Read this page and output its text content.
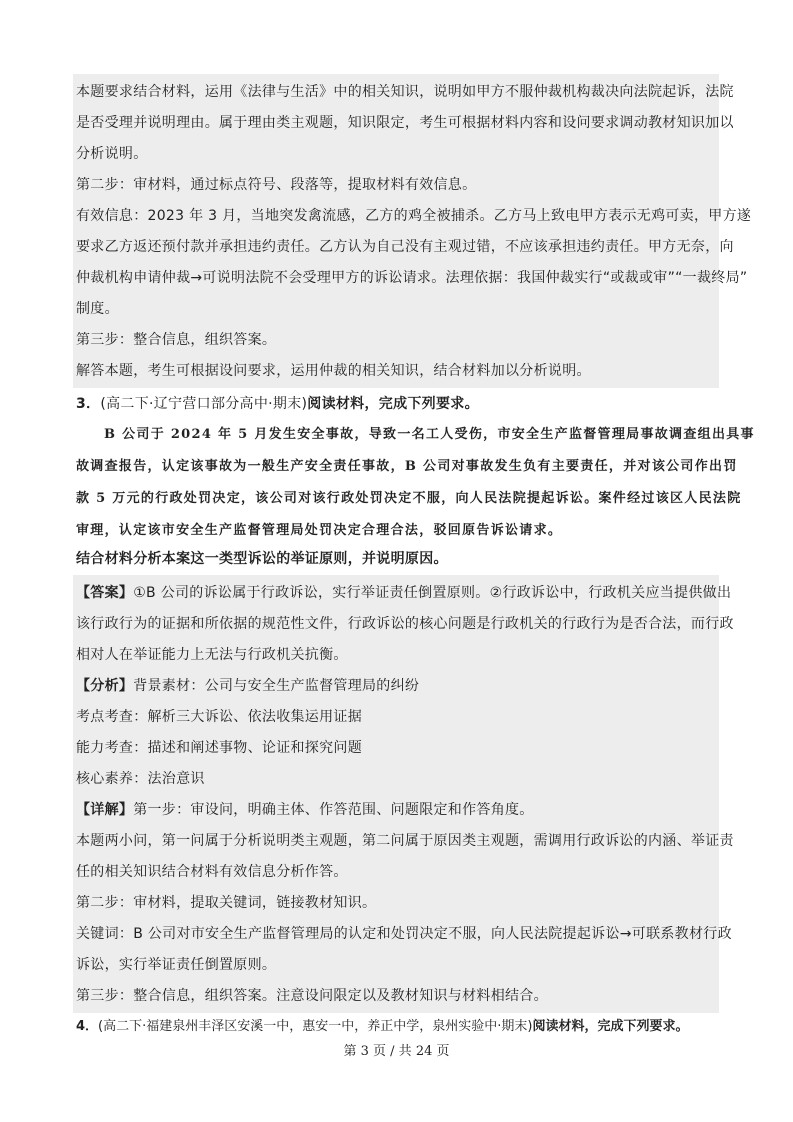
本题要求结合材料，运用《法律与生活》中的相关知识，说明如甲方不服仲裁机构裁决向法院起诉，法院
是否受理并说明理由。属于理由类主观题，知识限定，考生可根据材料内容和设问要求调动教材知识加以
分析说明。
第二步：审材料，通过标点符号、段落等，提取材料有效信息。
有效信息：2023 年 3 月，当地突发禽流感，乙方的鸡全被捕杀。乙方马上致电甲方表示无鸡可卖，甲方遂
要求乙方返还预付款并承担违约责任。乙方认为自己没有主观过错，不应该承担违约责任。甲方无奈，向
仲裁机构申请仲裁→可说明法院不会受理甲方的诉讼请求。法理依据：我国仲裁实行“或裁或审”“一裁终局”
制度。
第三步：整合信息，组织答案。
解答本题，考生可根据设问要求，运用仲裁的相关知识，结合材料加以分析说明。
3．(高二下·辽宁营口部分高中·期末)阅读材料，完成下列要求。
B 公司于 2024 年 5 月发生安全事故，导致一名工人受伤，市安全生产监督管理局事故调查组出具事
故调查报告，认定该事故为一般生产安全责任事故，B 公司对事故发生负有主要责任，并对该公司作出罚
款 5 万元的行政处罚决定，该公司对该行政处罚决定不服，向人民法院提起诉讼。案件经过该区人民法院
审理，认定该市安全生产监督管理局处罚决定合理合法，驳回原告诉讼请求。
结合材料分析本案这一类型诉讼的举证原则，并说明原因。
【答案】①B 公司的诉讼属于行政诉讼，实行举证责任倒置原则。②行政诉讼中，行政机关应当提供做出
该行政行为的证据和所依据的规范性文件，行政诉讼的核心问题是行政机关的行政行为是否合法，而行政
相对人在举证能力上无法与行政机关抗衡。
【分析】背景素材：公司与安全生产监督管理局的纠纷
考点考查：解析三大诉讼、依法收集运用证据
能力考查：描述和阐述事物、论证和探究问题
核心素养：法治意识
【详解】第一步：审设问，明确主体、作答范围、问题限定和作答角度。
本题两小问，第一问属于分析说明类主观题，第二问属于原因类主观题，需调用行政诉讼的内涵、举证责
任的相关知识结合材料有效信息分析作答。
第二步：审材料，提取关键词，链接教材知识。
关键词：B 公司对市安全生产监督管理局的认定和处罚决定不服，向人民法院提起诉讼→可联系教材行政
诉讼，实行举证责任倒置原则。
第三步：整合信息，组织答案。注意设问限定以及教材知识与材料相结合。
4．(高二下·福建泉州丰泽区安溪一中，惠安一中，养正中学，泉州实验中·期末)阅读材料，完成下列要求。
第 3 页 / 共 24 页
